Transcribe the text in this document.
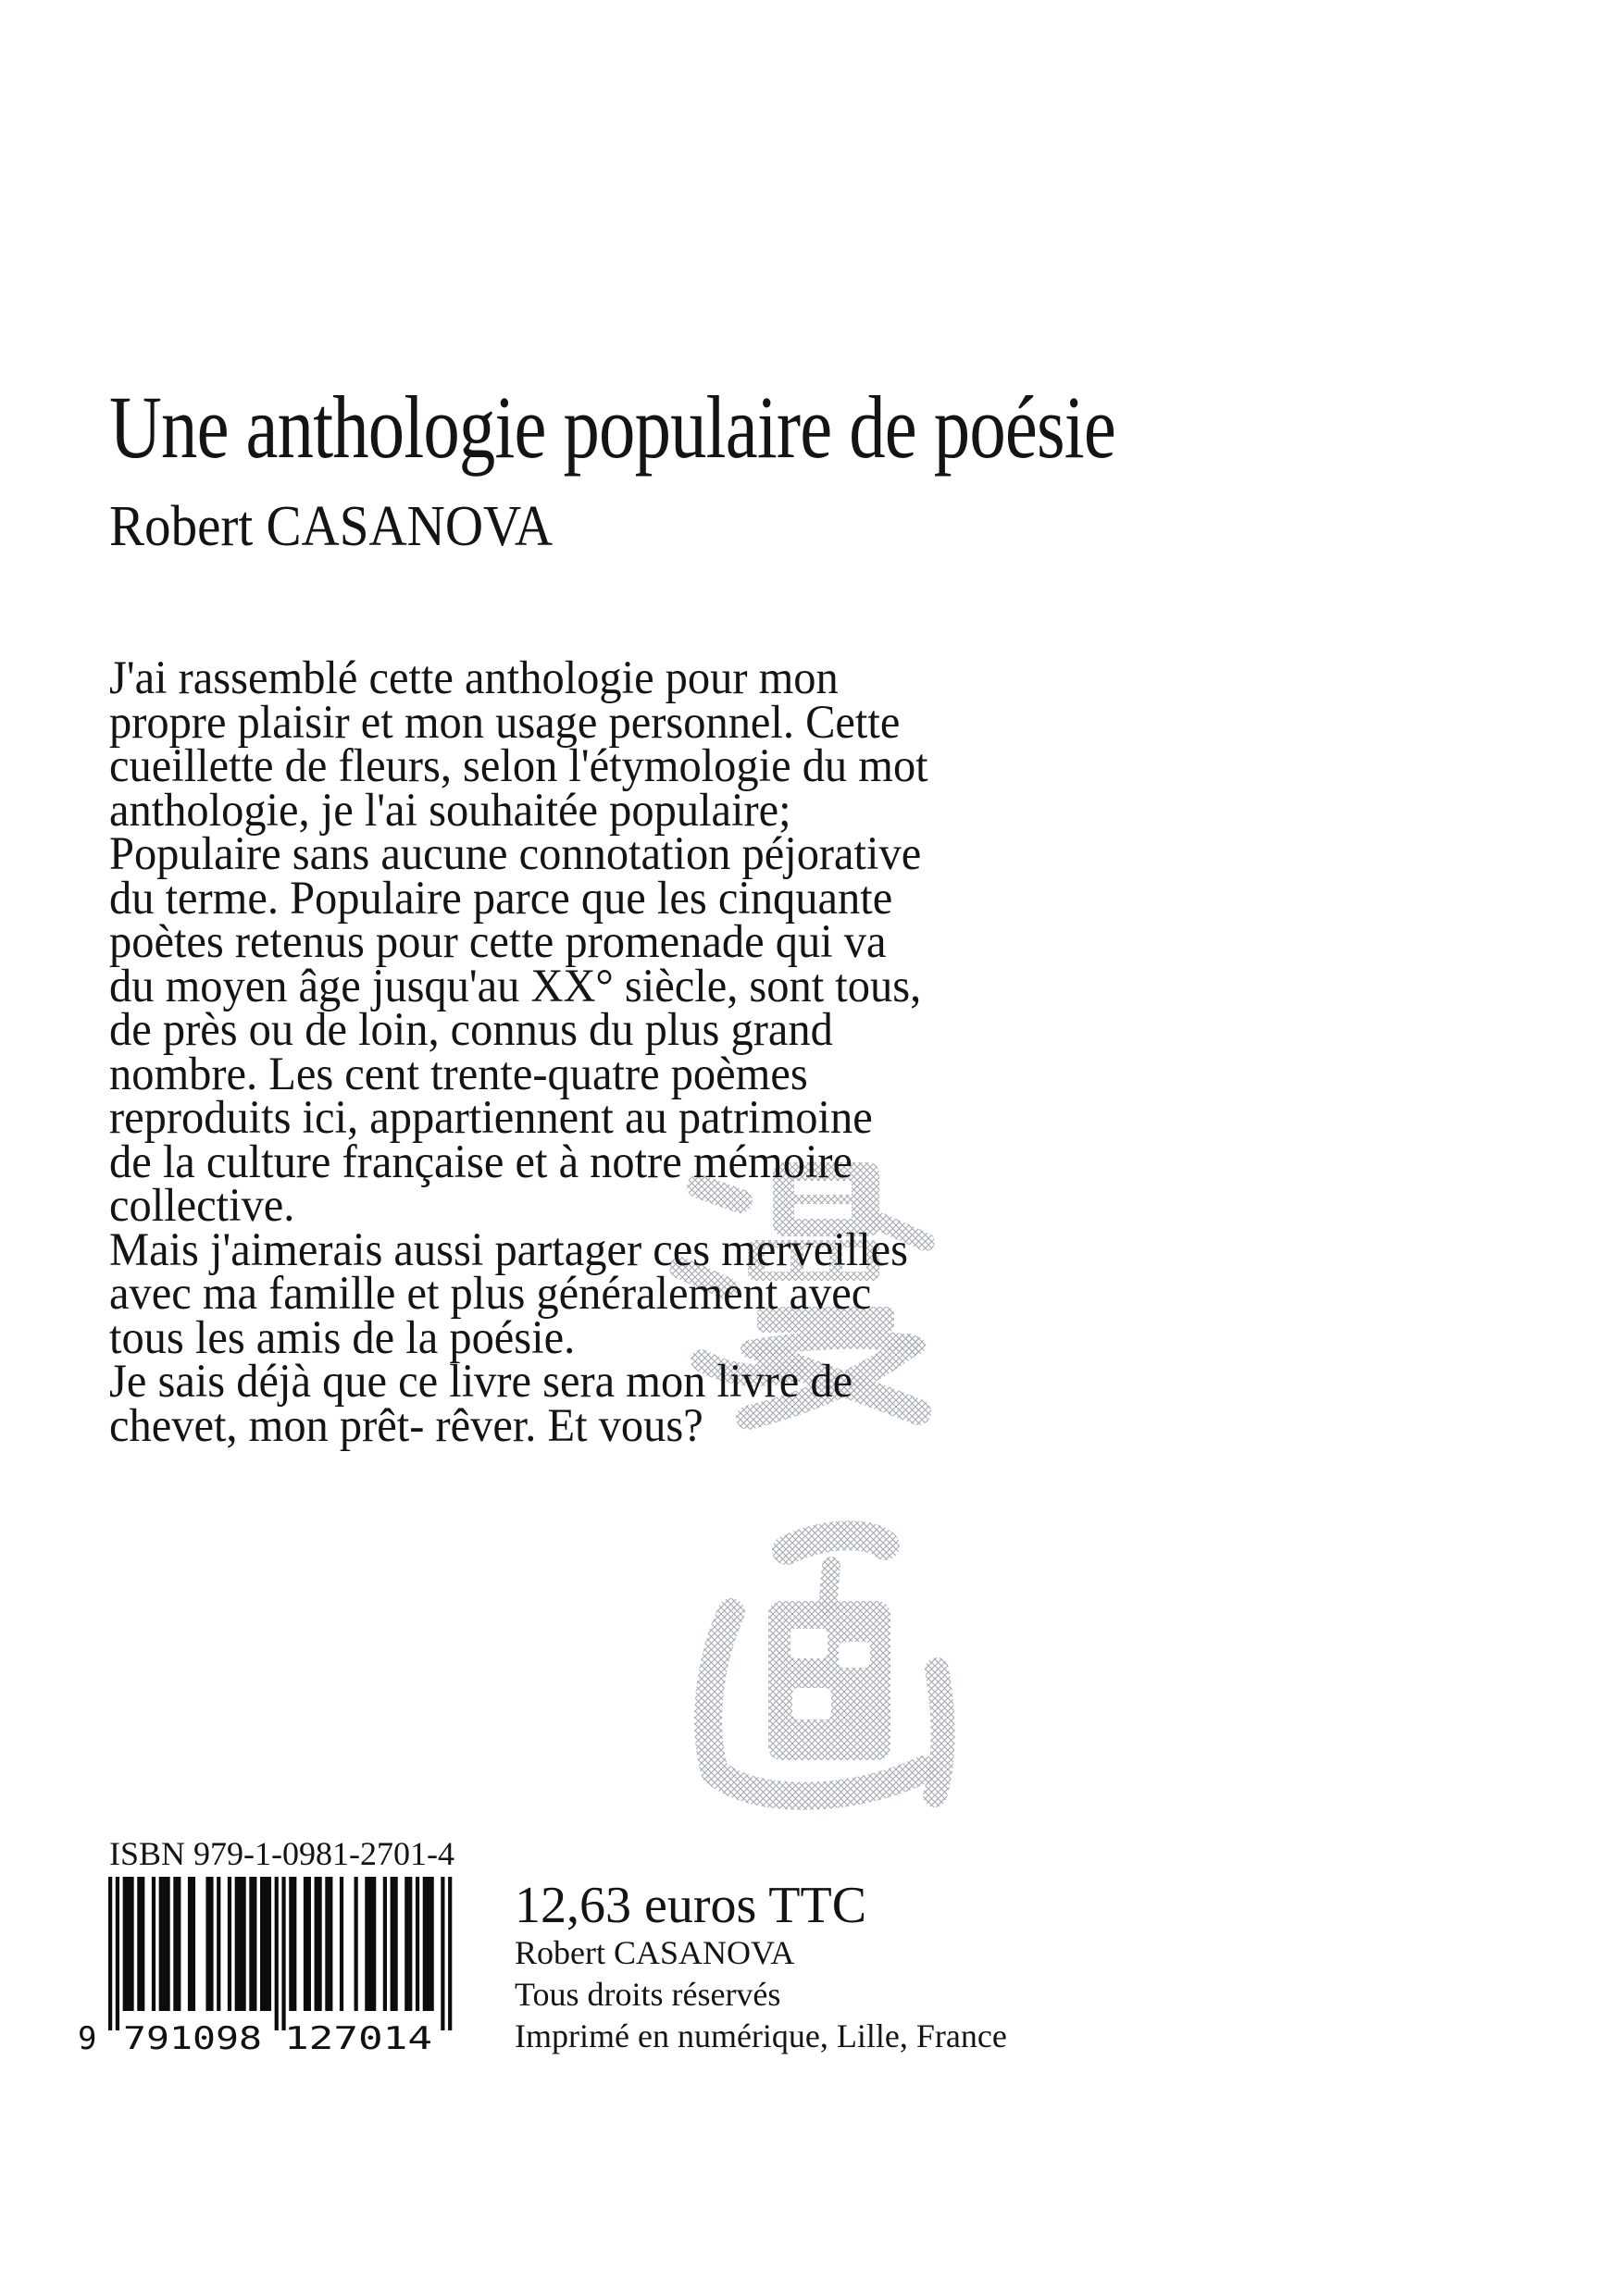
Une anthologie populaire de poésie
Robert CASANOVA
J'ai rassemblé cette anthologie pour mon
propre plaisir et mon usage personnel. Cette
cueillette de fleurs, selon l'étymologie du mot
anthologie, je l'ai souhaitée populaire;
Populaire sans aucune connotation péjorative
du terme. Populaire parce que les cinquante
poètes retenus pour cette promenade qui va
du moyen âge jusqu'au XX° siècle, sont tous,
de près ou de loin, connus du plus grand
nombre. Les cent trente-quatre poèmes
reproduits ici, appartiennent au patrimoine
de la culture française et à notre mémoire
collective.
Mais j'aimerais aussi partager ces merveilles
avec ma famille et plus généralement avec
tous les amis de la poésie.
Je sais déjà que ce livre sera mon livre de
chevet, mon prêt- rêver. Et vous?
ISBN 979-1-0981-2701-4
9 791098 127014
12,63 euros TTC
Robert CASANOVA
Tous droits réservés
Imprimé en numérique, Lille, France
